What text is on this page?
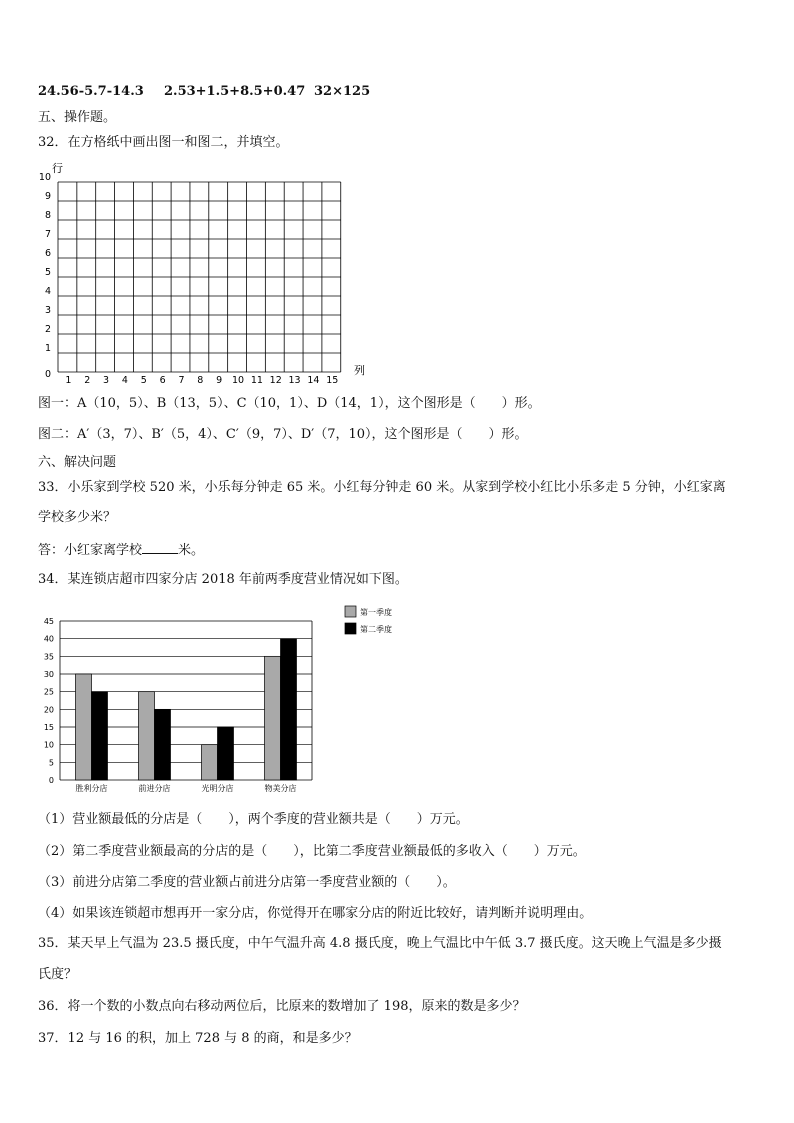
24.56-5.7-14.3 2.53+1.5+8.5+0.47 32×125
五、操作题。
32．在方格纸中画出图一和图二，并填空。
0
1
2
3
4
5
6
7
8
9
10
1 2 3 4 5 6 7 8 9 10 11 12 13 14 15
行
列
图一：A（10，5）、B（13，5）、C（10，1）、D（14，1），这个图形是（　　）形。
图二：A′（3，7）、B′（5，4）、C′（9，7）、D′（7，10），这个图形是（　　）形。
六、解决问题
33．小乐家到学校 520 米，小乐每分钟走 65 米。小红每分钟走 60 米。从家到学校小红比小乐多走 5 分钟，小红家离
学校多少米？
答：小红家离学校	米。
34．某连锁店超市四家分店 2018 年前两季度营业情况如下图。
0
5
10
15
20
25
30
35
40
45
胜利分店	前进分店	光明分店	物美分店
第一季度
第二季度
（1）营业额最低的分店是（　　），两个季度的营业额共是（　　）万元。
（2）第二季度营业额最高的分店的是（　　），比第二季度营业额最低的多收入（　　）万元。
（3）前进分店第二季度的营业额占前进分店第一季度营业额的（　　）。
（4）如果该连锁超市想再开一家分店，你觉得开在哪家分店的附近比较好，请判断并说明理由。
35．某天早上气温为 23.5 摄氏度，中午气温升高 4.8 摄氏度，晚上气温比中午低 3.7 摄氏度。这天晚上气温是多少摄
氏度？
36．将一个数的小数点向右移动两位后，比原来的数增加了 198，原来的数是多少？
37．12 与 16 的积，加上 728 与 8 的商，和是多少？
